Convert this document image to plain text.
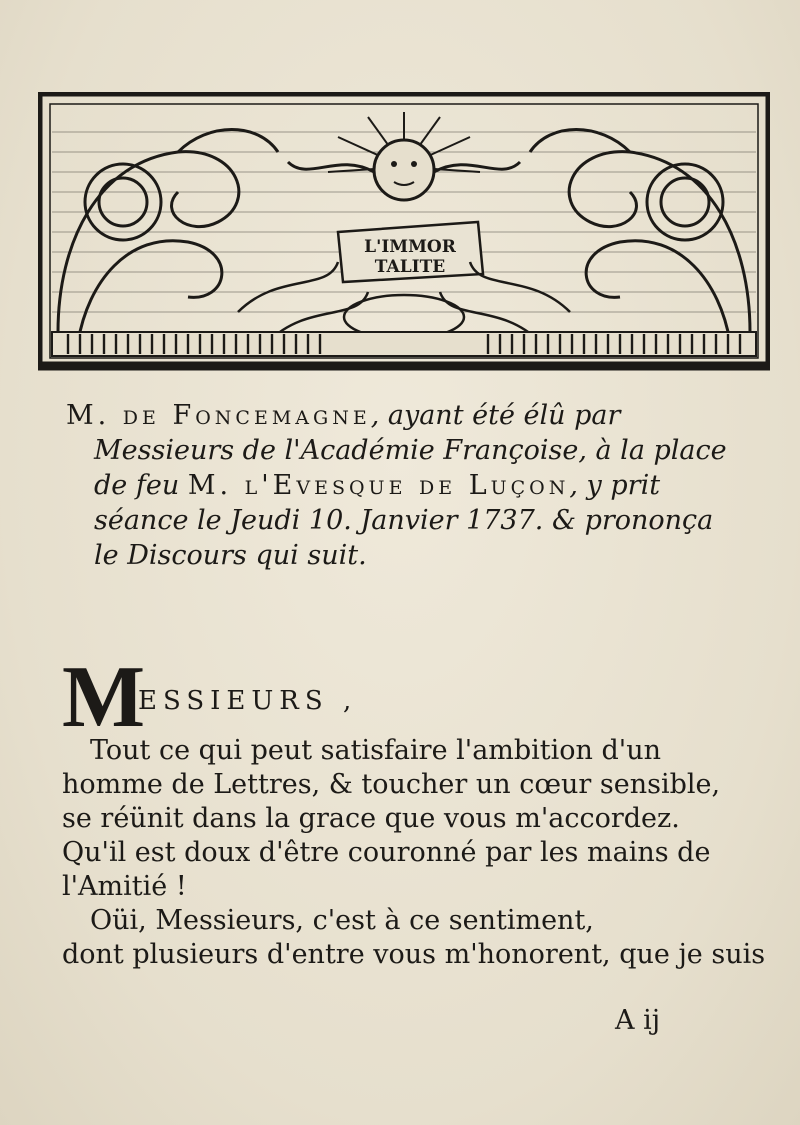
L'IMMOR
TALITE
M. de Foncemagne, ayant été élû par
Messieurs de l'Académie Françoise, à la place
de feu M. l'Evesque de Luçon, y prit
séance le Jeudi 10. Janvier 1737. & prononça
le Discours qui suit.
M
ESSIEURS ,
Tout ce qui peut satisfaire l'ambition d'un
homme de Lettres, & toucher un cœur sensible,
se réünit dans la grace que vous m'accordez.
Qu'il est doux d'être couronné par les mains de
l'Amitié !
Oüi, Messieurs, c'est à ce sentiment,
dont plusieurs d'entre vous m'honorent, que je suis
A ij
